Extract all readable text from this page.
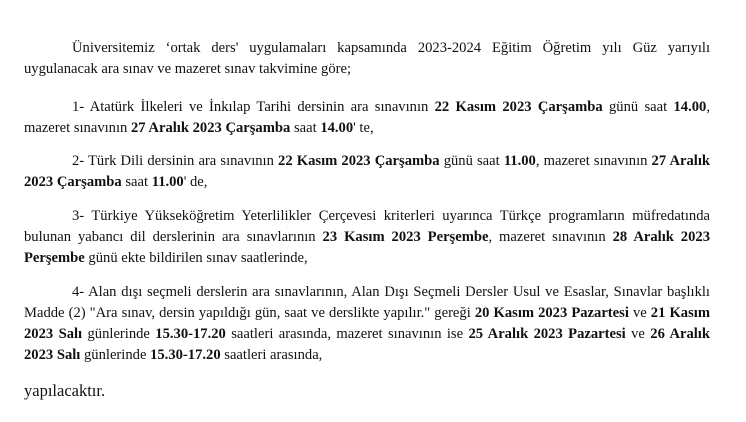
Üniversitemiz ‘ortak ders' uygulamaları kapsamında 2023-2024 Eğitim Öğretim yılı Güz yarıyılı uygulanacak ara sınav ve mazeret sınav takvimine göre;

1- Atatürk İlkeleri ve İnkılap Tarihi dersinin ara sınavının 22 Kasım 2023 Çarşamba günü saat 14.00, mazeret sınavının 27 Aralık 2023 Çarşamba saat 14.00' te,

2- Türk Dili dersinin ara sınavının 22 Kasım 2023 Çarşamba günü saat 11.00, mazeret sınavının 27 Aralık 2023 Çarşamba saat 11.00' de,

3- Türkiye Yükseköğretim Yeterlilikler Çerçevesi kriterleri uyarınca Türkçe programların müfredatında bulunan yabancı dil derslerinin ara sınavlarının 23 Kasım 2023 Perşembe, mazeret sınavının 28 Aralık 2023 Perşembe günü ekte bildirilen sınav saatlerinde,

4- Alan dışı seçmeli derslerin ara sınavlarının, Alan Dışı Seçmeli Dersler Usul ve Esaslar, Sınavlar başlıklı Madde (2) "Ara sınav, dersin yapıldığı gün, saat ve derslikte yapılır." gereği 20 Kasım 2023 Pazartesi ve 21 Kasım 2023 Salı günlerinde 15.30-17.20 saatleri arasında, mazeret sınavının ise 25 Aralık 2023 Pazartesi ve 26 Aralık 2023 Salı günlerinde 15.30-17.20 saatleri arasında,

yapılacaktır.
